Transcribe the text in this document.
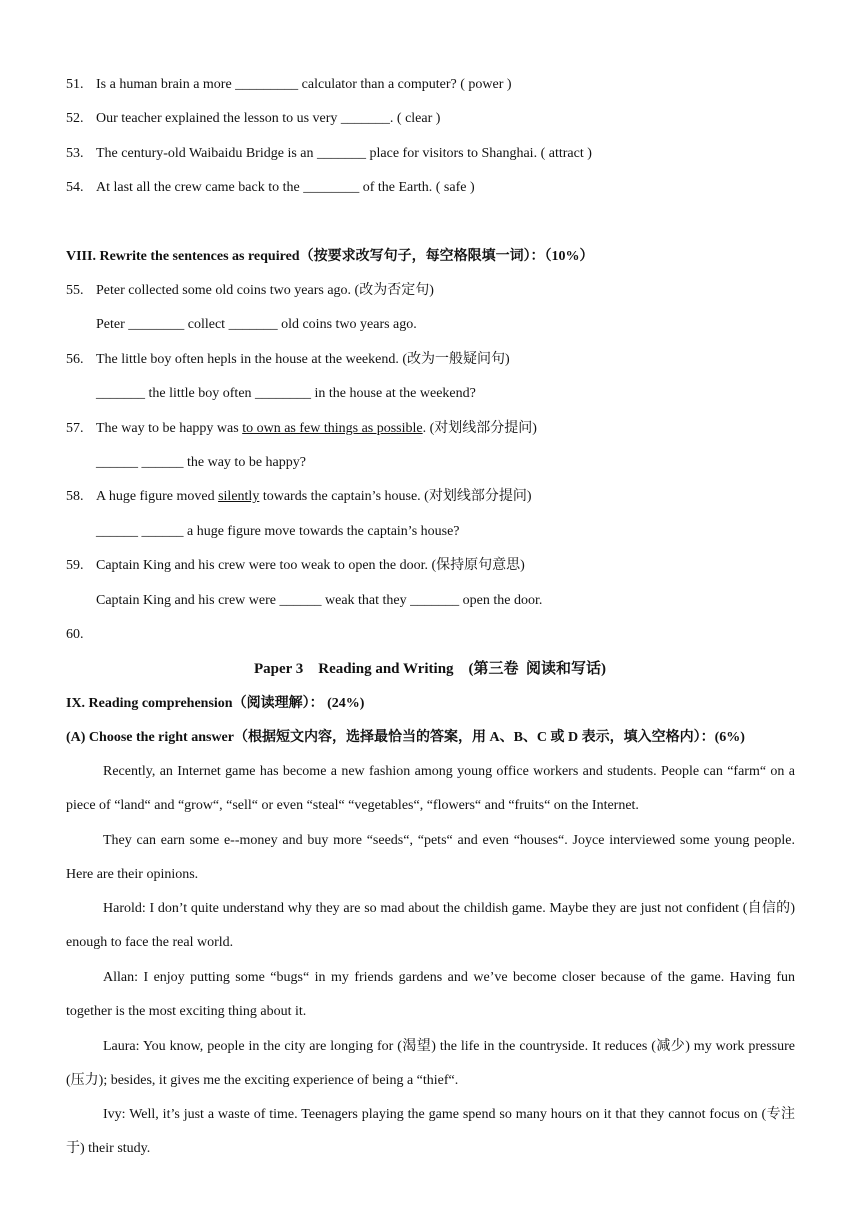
51. Is a human brain a more _________ calculator than a computer? ( power )
52. Our teacher explained the lesson to us very _______. ( clear )
53. The century-old Waibaidu Bridge is an _______ place for visitors to Shanghai. ( attract )
54. At last all the crew came back to the ________ of the Earth. ( safe )
VIII. Rewrite the sentences as required（按要求改写句子，每空格限填一词）：（10%）
55. Peter collected some old coins two years ago. (改为否定句)
Peter ________ collect _______ old coins two years ago.
56. The little boy often hepls in the house at the weekend. (改为一般疑问句)
_______ the little boy often ________ in the house at the weekend?
57. The way to be happy was to own as few things as possible. (对划线部分提问)
______ ______ the way to be happy?
58. A huge figure moved silently towards the captain’s house. (对划线部分提问)
______ ______ a huge figure move towards the captain’s house?
59. Captain King and his crew were too weak to open the door. (保持原句意思)
Captain King and his crew were ______ weak that they _______ open the door.
60.
Paper 3    Reading and Writing    (第三卷  阅读和写话)
IX. Reading comprehension（阅读理解）： (24%)
(A) Choose the right answer（根据短文内容，选择最恰当的答案，用 A、B、C 或 D 表示，填入空格内）：(6%)

Recently, an Internet game has become a new fashion among young office workers and students. People can “farm“ on a piece of “land“ and “grow“, “sell“ or even “steal“ “vegetables“, “flowers“ and “fruits“ on the Internet.

They can earn some e--money and buy more “seeds“, “pets“ and even “houses“. Joyce interviewed some young people. Here are their opinions.

Harold: I don’t quite understand why they are so mad about the childish game. Maybe they are just not confident (自信的) enough to face the real world.

Allan: I enjoy putting some “bugs“ in my friends gardens and we’ve become closer because of the game. Having fun together is the most exciting thing about it.

Laura: You know, people in the city are longing for (渴望) the life in the countryside. It reduces (减少) my work pressure (压力); besides, it gives me the exciting experience of being a “thief“.

Ivy: Well, it’s just a waste of time. Teenagers playing the game spend so many hours on it that they cannot focus on (专注于) their study.
